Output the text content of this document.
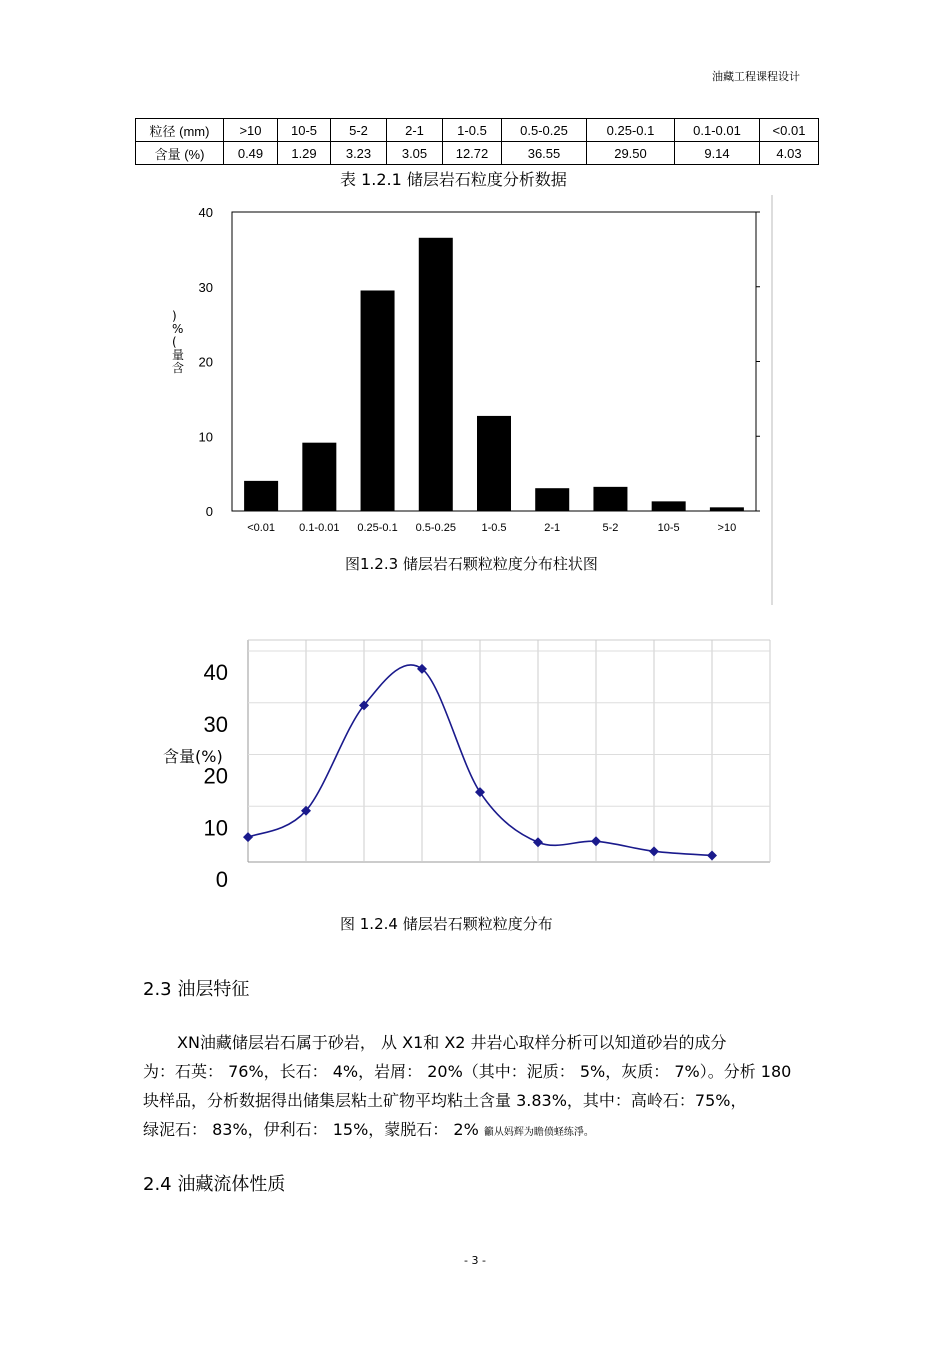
油藏工程课程设计
粒径 (mm)	>10	10-5	5-2	2-1	1-0.5	0.5-0.25	0.25-0.1	0.1-0.01	<0.01
含量 (%)	0.49	1.29	3.23	3.05	12.72	36.55	29.50	9.14	4.03
表 1.2.1 储层岩石粒度分析数据
0
10
20
30
40
<0.01 0.1-0.01 0.25-0.1 0.5-0.25 1-0.5	2-1	5-2	10-5	>10
) % (量含
图1.2.3 储层岩石颗粒粒度分布柱状图
0
10
20
30
40
含量(%)
图 1.2.4 储层岩石颗粒粒度分布
2.3 油层特征
XN油藏储层岩石属于砂岩， 从 X1和 X2 井岩心取样分析可以知道砂岩的成分
为：石英： 76%，长石： 4%，岩屑： 20%（其中：泥质： 5%，灰质： 7%）。分析 180
块样品，分析数据得出储集层粘土矿物平均粘土含量 3.83%，其中：高岭石：75%，
绿泥石： 83%，伊利石： 15%，蒙脱石： 2% 籲从妈辉为瞻偾蛏练淨。
2.4 油藏流体性质
- 3 -
